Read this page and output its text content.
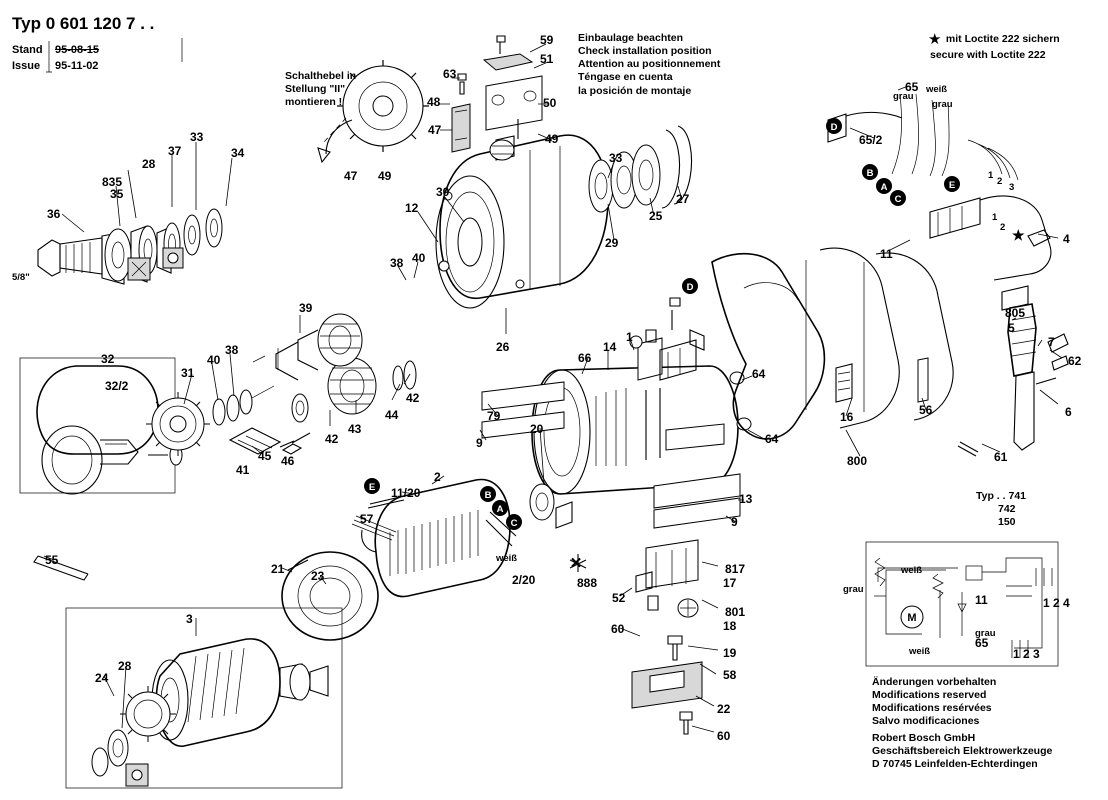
Typ 0 601 120 7 . .
Stand
Issue
95-08-15
95-11-02
Einbaulage beachten
Check installation position
Attention au positionnement
Téngase en cuenta
la posición de montaje
★ mit Loctite 222 sichern
secure with Loctite 222
Schalthebel in
Stellung "II"
montieren !
M
D
B
A
C
E
D
E
B
A
C
✕
★
36
835
35
28
37
33
34
32
32/2
31
40
38
39
41
45 46
42
43
44
42
38 40
12
30
26
63
48
47
59
51
50
49
47 49
33
29
25
27
66
14
1
79
9
20
64
64
13
9
57
21 23
3
24
28
55
2
11/20
2/20	888
52
60
817
17
801
18
19
58
22
60
16
800
56
65
65/2
11
4
62
6
7
5
805
61
11
65
1 2 3
1 2 4
grau
weiß
grau
weiß
grau
weiß
weiß
grau
1
2
3
1
2
5/8"
Typ . . 741
742
150
Änderungen vorbehalten
Modifications reserved
Modifications resérvées
Salvo modificaciones
Robert Bosch GmbH
Geschäftsbereich Elektrowerkzeuge
D 70745 Leinfelden-Echterdingen
